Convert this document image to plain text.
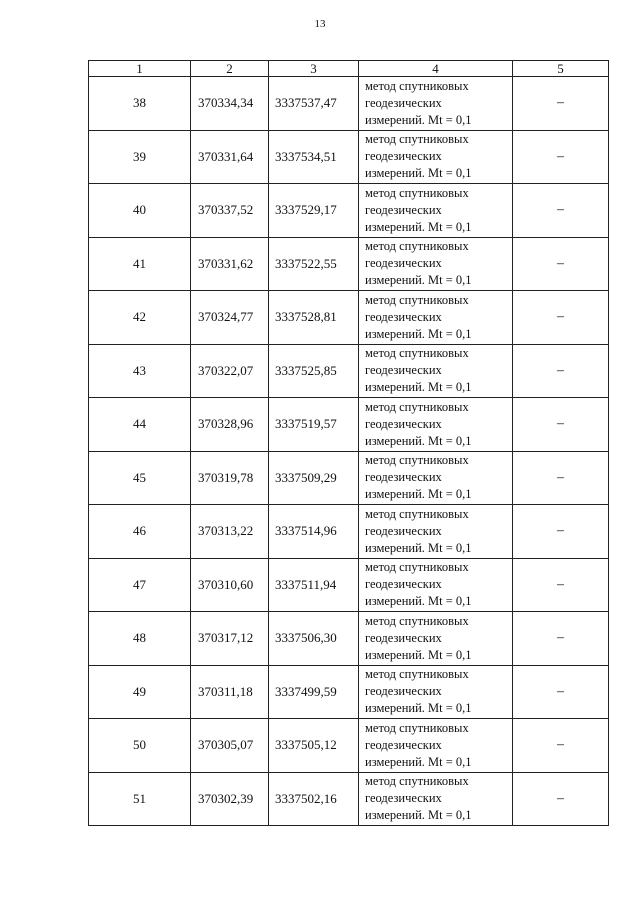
13
1	2	3	4	5
38	370334,34	3337537,47	метод спутниковых
геодезических
измерений. Mt = 0,1	–
39	370331,64	3337534,51	метод спутниковых
геодезических
измерений. Mt = 0,1	–
40	370337,52	3337529,17	метод спутниковых
геодезических
измерений. Mt = 0,1	–
41	370331,62	3337522,55	метод спутниковых
геодезических
измерений. Mt = 0,1	–
42	370324,77	3337528,81	метод спутниковых
геодезических
измерений. Mt = 0,1	–
43	370322,07	3337525,85	метод спутниковых
геодезических
измерений. Mt = 0,1	–
44	370328,96	3337519,57	метод спутниковых
геодезических
измерений. Mt = 0,1	–
45	370319,78	3337509,29	метод спутниковых
геодезических
измерений. Mt = 0,1	–
46	370313,22	3337514,96	метод спутниковых
геодезических
измерений. Mt = 0,1	–
47	370310,60	3337511,94	метод спутниковых
геодезических
измерений. Mt = 0,1	–
48	370317,12	3337506,30	метод спутниковых
геодезических
измерений. Mt = 0,1	–
49	370311,18	3337499,59	метод спутниковых
геодезических
измерений. Mt = 0,1	–
50	370305,07	3337505,12	метод спутниковых
геодезических
измерений. Mt = 0,1	–
51	370302,39	3337502,16	метод спутниковых
геодезических
измерений. Mt = 0,1	–
